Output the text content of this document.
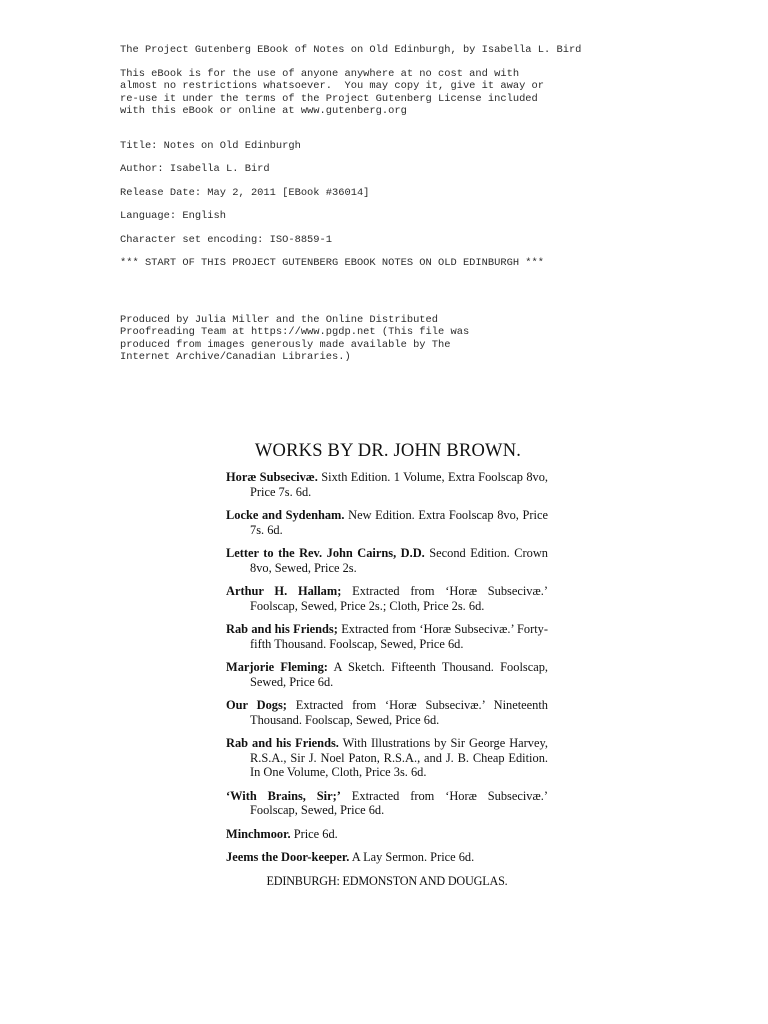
The Project Gutenberg EBook of Notes on Old Edinburgh, by Isabella L. Bird

This eBook is for the use of anyone anywhere at no cost and with

almost no restrictions whatsoever.  You may copy it, give it away or

re-use it under the terms of the Project Gutenberg License included

with this eBook or online at www.gutenberg.org

Title: Notes on Old Edinburgh

Author: Isabella L. Bird

Release Date: May 2, 2011 [EBook #36014]

Language: English

Character set encoding: ISO-8859-1

*** START OF THIS PROJECT GUTENBERG EBOOK NOTES ON OLD EDINBURGH ***

Produced by Julia Miller and the Online Distributed

Proofreading Team at https://www.pgdp.net (This file was

produced from images generously made available by The

Internet Archive/Canadian Libraries.)

WORKS BY DR. JOHN BROWN.

Horæ Subsecivæ. Sixth Edition. 1 Volume, Extra Foolscap 8vo, Price 7s. 6d.

Locke and Sydenham. New Edition. Extra Foolscap 8vo, Price 7s. 6d.

Letter to the Rev. John Cairns, D.D. Second Edition. Crown 8vo, Sewed, Price 2s.

Arthur H. Hallam; Extracted from ‘Horæ Subsecivæ.’ Foolscap, Sewed, Price 2s.; Cloth, Price 2s. 6d.

Rab and his Friends; Extracted from ‘Horæ Subsecivæ.’ Forty-fifth Thousand. Foolscap, Sewed, Price 6d.

Marjorie Fleming: A Sketch. Fifteenth Thousand. Foolscap, Sewed, Price 6d.

Our Dogs; Extracted from ‘Horæ Subsecivæ.’ Nineteenth Thousand. Foolscap, Sewed, Price 6d.

Rab and his Friends. With Illustrations by Sir George Harvey, R.S.A., Sir J. Noel Paton, R.S.A., and J. B. Cheap Edition. In One Volume, Cloth, Price 3s. 6d.

‘With Brains, Sir;’ Extracted from ‘Horæ Subsecivæ.’ Foolscap, Sewed, Price 6d.

Minchmoor. Price 6d.

Jeems the Door-keeper. A Lay Sermon. Price 6d.

EDINBURGH: EDMONSTON AND DOUGLAS.
